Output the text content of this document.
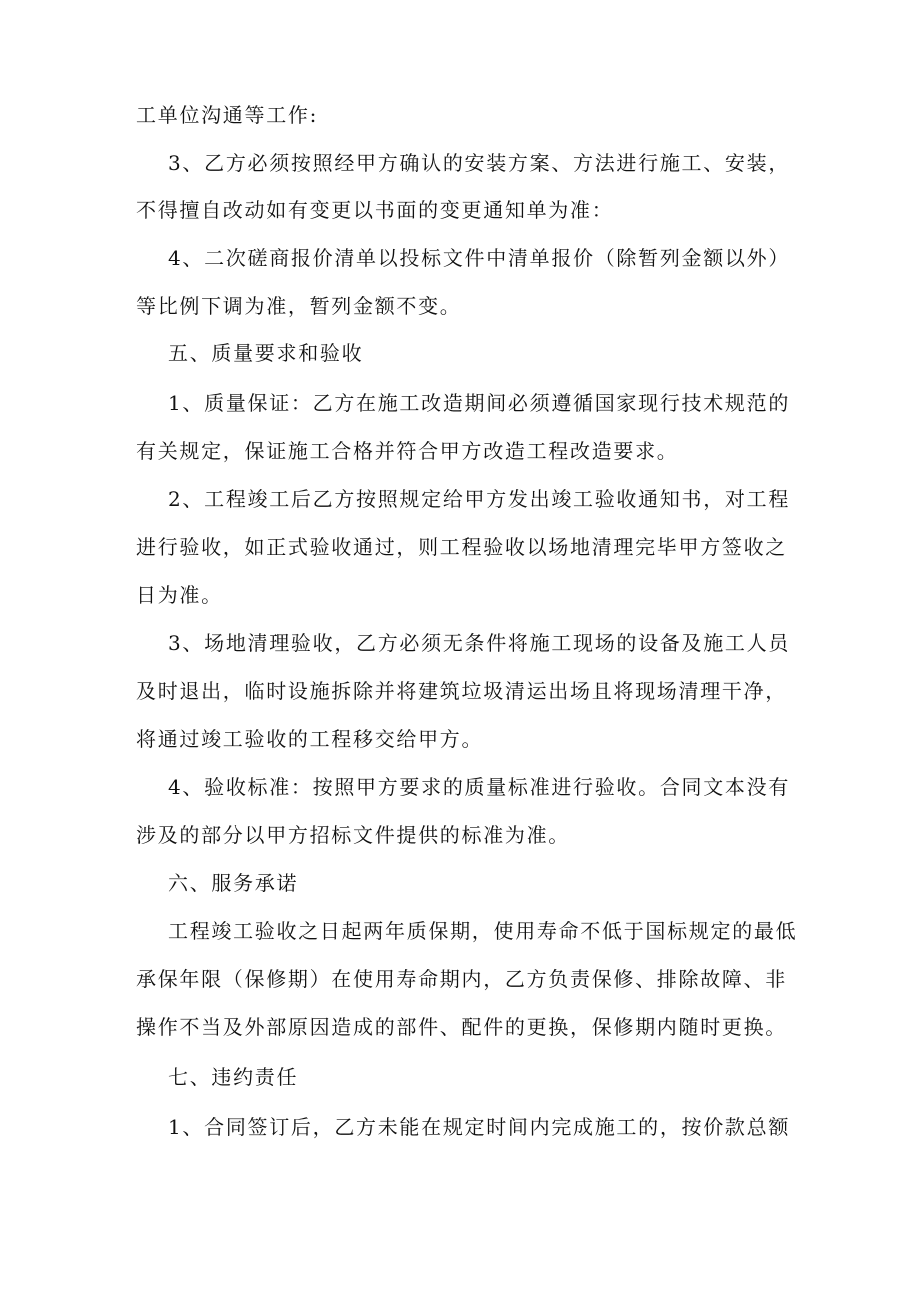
工单位沟通等工作:
3、乙方必须按照经甲方确认的安装方案、方法进行施工、安装，
不得擅自改动如有变更以书面的变更通知单为准：
4、二次磋商报价清单以投标文件中清单报价（除暂列金额以外）
等比例下调为准，暂列金额不变。
五、质量要求和验收
1、质量保证：乙方在施工改造期间必须遵循国家现行技术规范的
有关规定，保证施工合格并符合甲方改造工程改造要求。
2、工程竣工后乙方按照规定给甲方发出竣工验收通知书，对工程
进行验收，如正式验收通过，则工程验收以场地清理完毕甲方签收之
日为准。
3、场地清理验收，乙方必须无条件将施工现场的设备及施工人员
及时退出，临时设施拆除并将建筑垃圾清运出场且将现场清理干净，
将通过竣工验收的工程移交给甲方。
4、验收标准：按照甲方要求的质量标准进行验收。合同文本没有
涉及的部分以甲方招标文件提供的标准为准。
六、服务承诺
工程竣工验收之日起两年质保期，使用寿命不低于国标规定的最低
承保年限（保修期）在使用寿命期内，乙方负责保修、排除故障、非
操作不当及外部原因造成的部件、配件的更换，保修期内随时更换。
七、违约责任
1、合同签订后，乙方未能在规定时间内完成施工的，按价款总额
